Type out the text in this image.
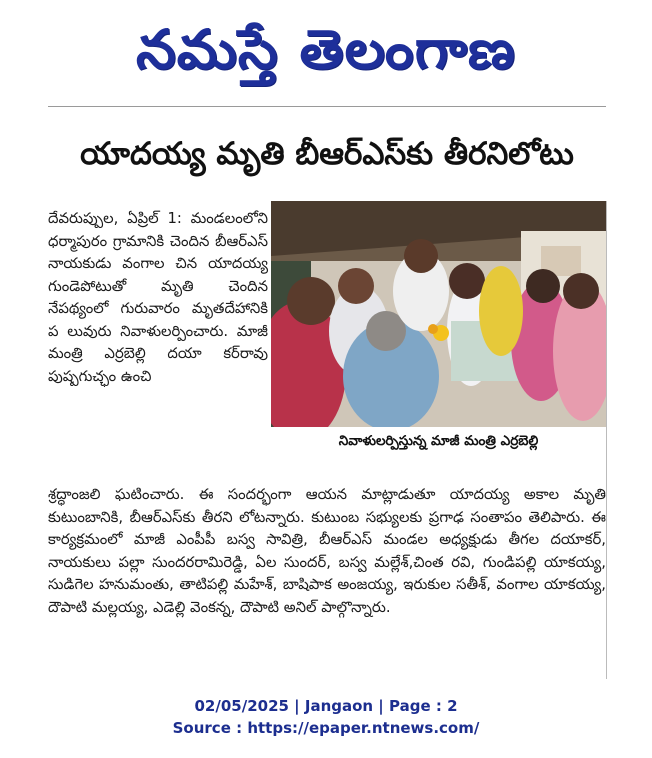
నమస్తే తెలంగాణ
యాదయ్య మృతి బీఆర్‌ఎస్‌కు తీరనిలోటు

దేవరుప్పుల, ఏప్రిల్ 1: మండలంలోని ధర్మాపురం గ్రామానికి చెందిన బీఆర్‌ఎస్ నాయకుడు వంగాల చిన యాదయ్య గుండెపోటుతో మృతి చెందిన నేపథ్యంలో గురువారం మృతదేహానికి ప లువురు నివాళులర్పించారు. మాజీ మంత్రి ఎర్రబెల్లి దయా కర్‌రావు పుష్పగుచ్ఛం ఉంచి

నివాళులర్పిస్తున్న మాజీ మంత్రి ఎర్రబెల్లి

శ్రద్ధాంజలి ఘటించారు. ఈ సందర్భంగా ఆయన మాట్లాడుతూ యాదయ్య అకాల మృతి కుటుంబానికి, బీఆర్‌ఎస్‌కు తీరని లోటన్నారు. కుటుంబ సభ్యులకు ప్రగాఢ సంతాపం తెలిపారు. ఈ కార్యక్రమంలో మాజీ ఎంపీపీ బస్వ సావిత్రి, బీఆర్‌ఎస్ మండల అధ్యక్షుడు తీగల దయాకర్, నాయకులు పల్లా సుందరరామిరెడ్డి, ఏల సుందర్, బస్వ మల్లేశ్,చింత రవి, గుండిపల్లి యాకయ్య, సుడిగెల హనుమంతు, తాటిపల్లి మహేశ్, బాషిపాక అంజయ్య, ఇరుకుల సతీశ్, వంగాల యాకయ్య, దౌపాటి మల్లయ్య, ఎడెల్లి వెంకన్న, దౌపాటి అనిల్ పాల్గొన్నారు.

02/05/2025 | Jangaon | Page : 2
Source : https://epaper.ntnews.com/
